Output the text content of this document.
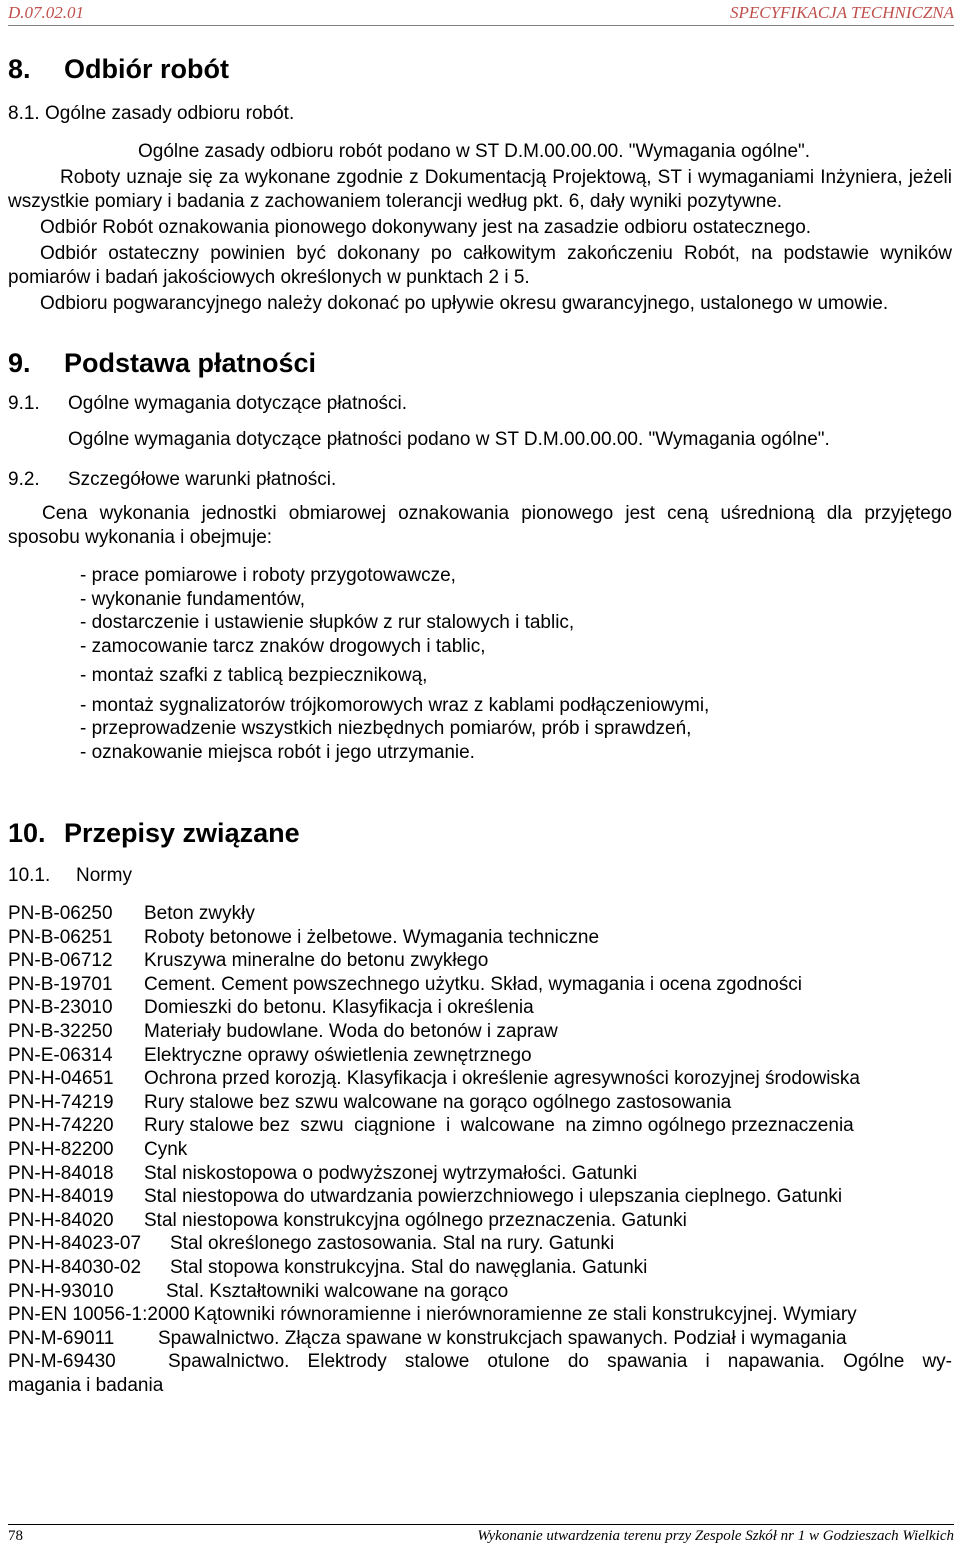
D.07.02.01	SPECYFIKACJA TECHNICZNA
8. Odbiór robót
8.1. Ogólne zasady odbioru robót.

Ogólne zasady odbioru robót podano w ST D.M.00.00.00. "Wymagania ogólne".

Roboty uznaje się za wykonane zgodnie z Dokumentacją Projektową, ST i wymaganiami Inżyniera, jeżeli wszystkie pomiary i badania z zachowaniem tolerancji według pkt. 6, dały wyniki pozytywne.

Odbiór Robót oznakowania pionowego dokonywany jest na zasadzie odbioru ostatecznego.

Odbiór ostateczny powinien być dokonany po całkowitym zakończeniu Robót, na podstawie wyników pomiarów i badań jakościowych określonych w punktach 2 i 5.

Odbioru pogwarancyjnego należy dokonać po upływie okresu gwarancyjnego, ustalonego w umowie.

9. Podstawa płatności
9.1. Ogólne wymagania dotyczące płatności.

Ogólne wymagania dotyczące płatności podano w ST D.M.00.00.00. "Wymagania ogólne".

9.2. Szczegółowe warunki płatności.

Cena wykonania jednostki obmiarowej oznakowania pionowego jest ceną uśrednioną dla przyjętego sposobu wykonania i obejmuje:

- prace pomiarowe i roboty przygotowawcze,
- wykonanie fundamentów,
- dostarczenie i ustawienie słupków z rur stalowych i tablic,
- zamocowanie tarcz znaków drogowych i tablic,
- montaż szafki z tablicą bezpiecznikową,
- montaż sygnalizatorów trójkomorowych wraz z kablami podłączeniowymi,
- przeprowadzenie wszystkich niezbędnych pomiarów, prób i sprawdzeń,
- oznakowanie miejsca robót i jego utrzymanie.
10. Przepisy związane
10.1. Normy
PN-B-06250	Beton zwykły
PN-B-06251	Roboty betonowe i żelbetowe. Wymagania techniczne
PN-B-06712	Kruszywa mineralne do betonu zwykłego
PN-B-19701	Cement. Cement powszechnego użytku. Skład, wymagania i ocena zgodności
PN-B-23010	Domieszki do betonu. Klasyfikacja i określenia
PN-B-32250	Materiały budowlane. Woda do betonów i zapraw
PN-E-06314	Elektryczne oprawy oświetlenia zewnętrznego
PN-H-04651	Ochrona przed korozją. Klasyfikacja i określenie agresywności korozyjnej środowiska
PN-H-74219	Rury stalowe bez szwu walcowane na gorąco ogólnego zastosowania
PN-H-74220	Rury stalowe bez  szwu  ciągnione  i  walcowane  na zimno ogólnego przeznaczenia
PN-H-82200	Cynk
PN-H-84018	Stal niskostopowa o podwyższonej wytrzymałości. Gatunki
PN-H-84019	Stal niestopowa do utwardzania powierzchniowego i ulepszania cieplnego. Gatunki
PN-H-84020	Stal niestopowa konstrukcyjna ogólnego przeznaczenia. Gatunki
PN-H-84023-07	Stal określonego zastosowania. Stal na rury. Gatunki
PN-H-84030-02	Stal stopowa konstrukcyjna. Stal do nawęglania. Gatunki
PN-H-93010	Stal. Kształtowniki walcowane na gorąco
PN-EN 10056-1:2000 Kątowniki równoramienne i nierównoramienne ze stali konstrukcyjnej. Wymiary
PN-M-69011	Spawalnictwo. Złącza spawane w konstrukcjach spawanych. Podział i wymagania
PN-M-69430	Spawalnictwo. Elektrody stalowe otulone do spawania i napawania. Ogólne wy-
magania i badania
78	Wykonanie utwardzenia terenu przy Zespole Szkół nr 1 w Godzieszach Wielkich
